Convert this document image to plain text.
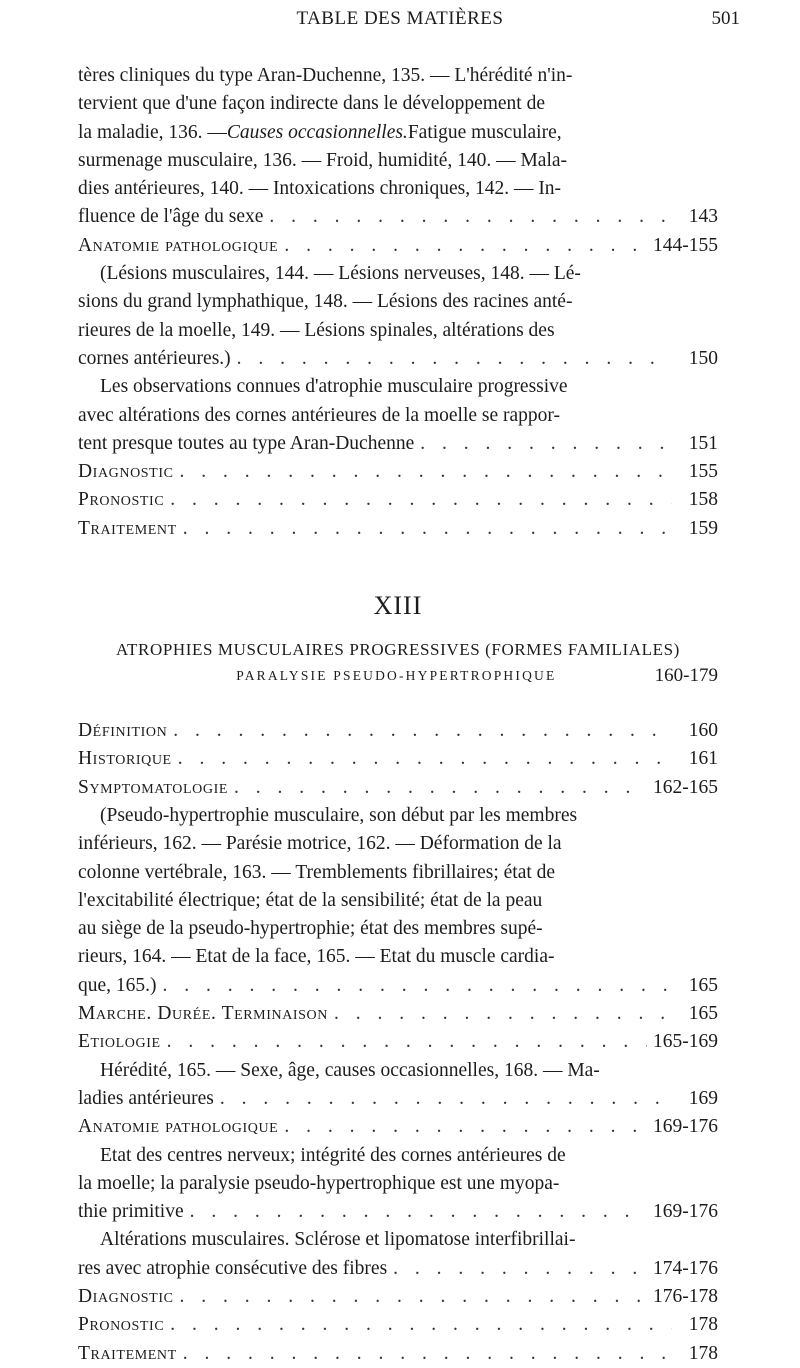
TABLE DES MATIÈRES	501
tères cliniques du type Aran-Duchenne, 135. — L'hérédité n'in-
tervient que d'une façon indirecte dans le développement de
la maladie, 136. — Causes occasionnelles. Fatigue musculaire,
surmenage musculaire, 136. — Froid, humidité, 140. — Mala-
dies antérieures, 140. — Intoxications chroniques, 142. — In-
fluence de l'âge du sexe . . .	143
Anatomie pathologique . . .	144-155
(Lésions musculaires, 144. — Lésions nerveuses, 148. — Lé-
sions du grand lymphathique, 148. — Lésions des racines anté-
rieures de la moelle, 149. — Lésions spinales, altérations des
cornes antérieures.) . . .	150
Les observations connues d'atrophie musculaire progressive
avec altérations des cornes antérieures de la moelle se rappor-
tent presque toutes au type Aran-Duchenne . . .	151
Diagnostic . . .	155
Pronostic . . .	158
Traitement . . .	159
XIII
ATROPHIES MUSCULAIRES PROGRESSIVES (FORMES FAMILIALES)
PARALYSIE PSEUDO-HYPERTROPHIQUE	160-179
Définition . . .	160
Historique . . .	161
Symptomatologie . . .	162-165
(Pseudo-hypertrophie musculaire, son début par les membres
inférieurs, 162. — Parésie motrice, 162. — Déformation de la
colonne vertébrale, 163. — Tremblements fibrillaires; état de
l'excitabilité électrique; état de la sensibilité; état de la peau
au siège de la pseudo-hypertrophie; état des membres supé-
rieurs, 164. — Etat de la face, 165. — Etat du muscle cardia-
que, 165.) . . .	165
Marche. Durée. Terminaison . . .	165
Etiologie . . .	165-169
Hérédité, 165. — Sexe, âge, causes occasionnelles, 168. — Ma-
ladies antérieures . . .	169
Anatomie pathologique . . .	169-176
Etat des centres nerveux; intégrité des cornes antérieures de
la moelle; la paralysie pseudo-hypertrophique est une myopa-
thie primitive . . .	169-176
Altérations musculaires. Sclérose et lipomatose interfibrillai-
res avec atrophie consécutive des fibres . . .	174-176
Diagnostic . . .	176-178
Pronostic . . .	178
Traitement . . .	178
